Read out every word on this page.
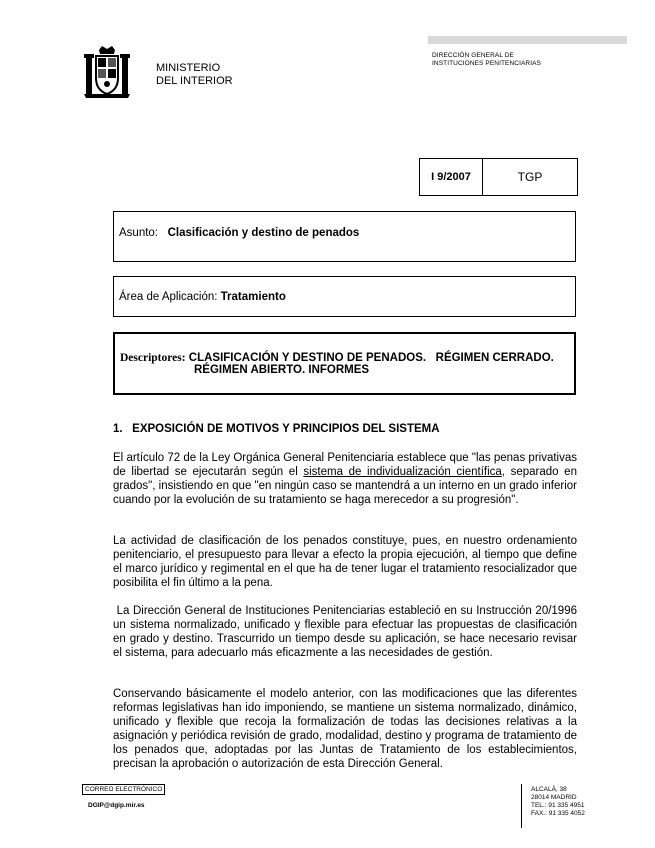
MINISTERIO
DEL INTERIOR
DIRECCIÓN GENERAL DE
INSTITUCIONES PENITENCIARIAS
I 9/2007	TGP
Asunto: Clasificación y destino de penados
Área de Aplicación: Tratamiento
Descriptores: CLASIFICACIÓN Y DESTINO DE PENADOS.   RÉGIMEN CERRADO.
RÉGIMEN ABIERTO. INFORMES
1.   EXPOSICIÓN DE MOTIVOS Y PRINCIPIOS DEL SISTEMA

El artículo 72 de la Ley Orgánica General Penitenciaria establece que "las penas privativas de libertad se ejecutarán según el sistema de individualización científica, separado en grados", insistiendo en que "en ningún caso se mantendrá a un interno en un grado inferior cuando por la evolución de su tratamiento se haga merecedor a su progresión".

La actividad de clasificación de los penados constituye, pues, en nuestro ordenamiento penitenciario, el presupuesto para llevar a efecto la propia ejecución, al tiempo que define el marco jurídico y regimental en el que ha de tener lugar el tratamiento resocializador que posibilita el fin último a la pena.

La Dirección General de Instituciones Penitenciarias estableció en su Instrucción 20/1996 un sistema normalizado, unificado y flexible para efectuar las propuestas de clasificación en grado y destino. Trascurrido un tiempo desde su aplicación, se hace necesario revisar el sistema, para adecuarlo más eficazmente a las necesidades de gestión.

Conservando básicamente el modelo anterior, con las modificaciones que las diferentes reformas legislativas han ido imponiendo, se mantiene un sistema normalizado, dinámico, unificado y flexible que recoja la formalización de todas las decisiones relativas a la asignación y periódica revisión de grado, modalidad, destino y programa de tratamiento de los penados que, adoptadas por las Juntas de Tratamiento de los establecimientos, precisan la aprobación o autorización de esta Dirección General.

CORREO ELECTRÓNICO
DGIP@dgip.mir.es
ALCALÁ, 38
28014 MADRID
TEL.: 91 335 4951
FAX.: 91 335 4052
